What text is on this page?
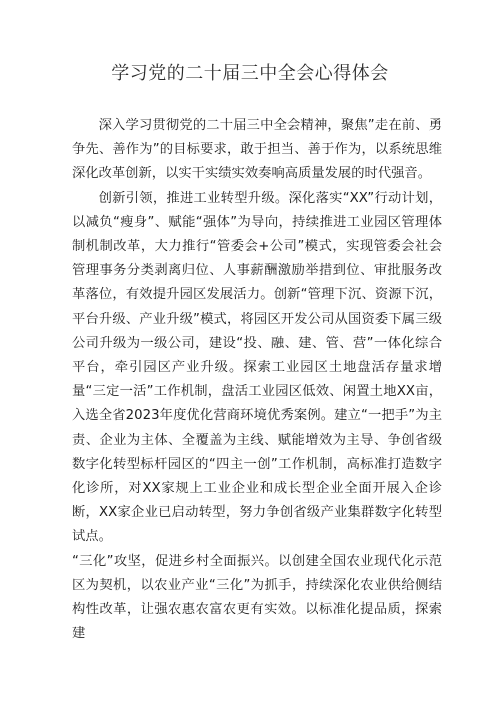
学习党的二十届三中全会心得体会

深入学习贯彻党的二十届三中全会精神，聚焦”走在前、勇争先、善作为”的目标要求，敢于担当、善于作为，以系统思维深化改革创新，以实干实绩实效奏响高质量发展的时代强音。

创新引领，推进工业转型升级。深化落实“XX”行动计划，以减负“瘦身”、赋能“强体”为导向，持续推进工业园区管理体制机制改革，大力推行“管委会+公司”模式，实现管委会社会管理事务分类剥离归位、人事薪酬激励举措到位、审批服务改革落位，有效提升园区发展活力。创新“管理下沉、资源下沉，平台升级、产业升级”模式，将园区开发公司从国资委下属三级公司升级为一级公司，建设“投、融、建、管、营”一体化综合平台，牵引园区产业升级。探索工业园区土地盘活存量求增量“三定一活”工作机制，盘活工业园区低效、闲置土地XX亩，入选全省2023年度优化营商环境优秀案例。建立“一把手”为主责、企业为主体、全覆盖为主线、赋能增效为主导、争创省级数字化转型标杆园区的“四主一创”工作机制，高标准打造数字化诊所，对XX家规上工业企业和成长型企业全面开展入企诊断，XX家企业已启动转型，努力争创省级产业集群数字化转型试点。

“三化”攻坚，促进乡村全面振兴。以创建全国农业现代化示范区为契机，以农业产业“三化”为抓手，持续深化农业供给侧结构性改革，让强农惠农富农更有实效。以标准化提品质，探索建
